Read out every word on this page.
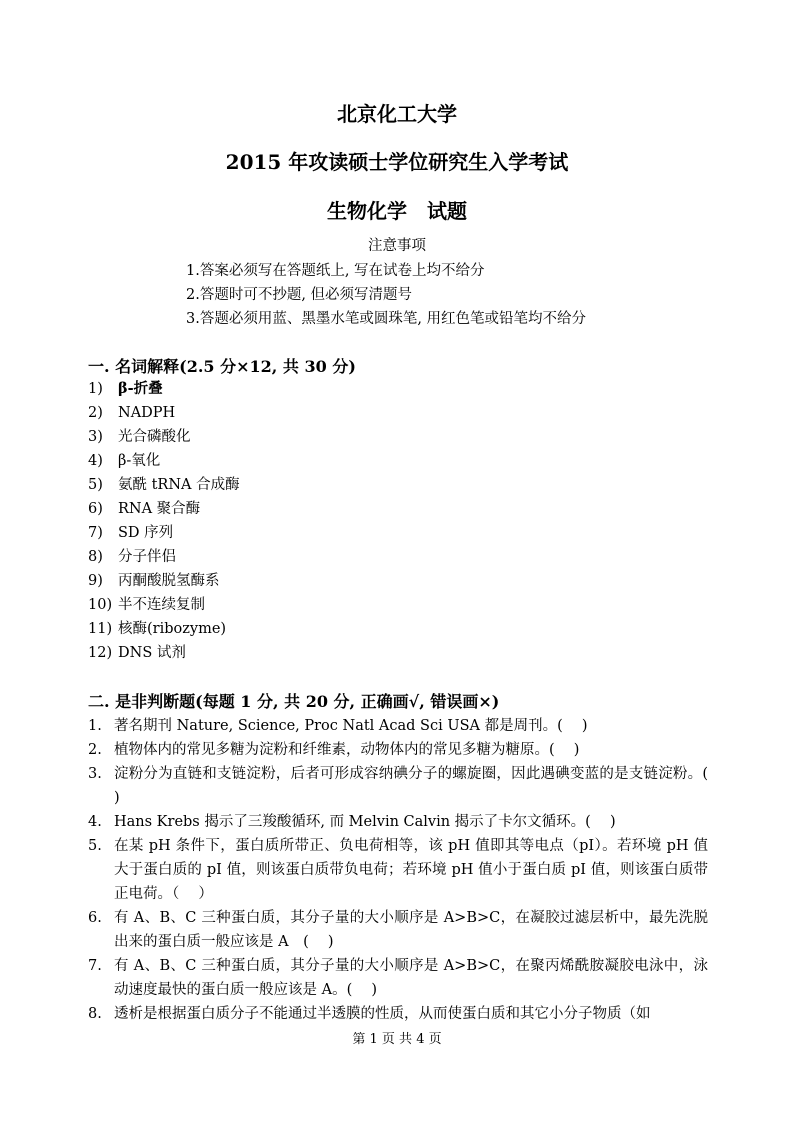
北京化工大学
2015 年攻读硕士学位研究生入学考试
生物化学　试题
注意事项
1.答案必须写在答题纸上, 写在试卷上均不给分
2.答题时可不抄题, 但必须写清题号
3.答题必须用蓝、黑墨水笔或圆珠笔, 用红色笔或铅笔均不给分
一. 名词解释(2.5 分×12, 共 30 分)
1) β-折叠
2) NADPH
3) 光合磷酸化
4) β-氧化
5) 氨酰 tRNA 合成酶
6) RNA 聚合酶
7) SD 序列
8) 分子伴侣
9) 丙酮酸脱氢酶系
10) 半不连续复制
11) 核酶(ribozyme)
12) DNS 试剂
二. 是非判断题(每题 1 分, 共 20 分, 正确画√, 错误画×)
1. 著名期刊 Nature, Science, Proc Natl Acad Sci USA 都是周刊。(　 )
2. 植物体内的常见多糖为淀粉和纤维素，动物体内的常见多糖为糖原。(　 )
3. 淀粉分为直链和支链淀粉，后者可形成容纳碘分子的螺旋圈，因此遇碘变蓝的是支链淀粉。(　 )
4. Hans Krebs 揭示了三羧酸循环, 而 Melvin Calvin 揭示了卡尔文循环。(　 )
5. 在某 pH 条件下，蛋白质所带正、负电荷相等，该 pH 值即其等电点（pI）。若环境 pH 值大于蛋白质的 pI 值，则该蛋白质带负电荷；若环境 pH 值小于蛋白质 pI 值，则该蛋白质带正电荷。（　 ）
6. 有 A、B、C 三种蛋白质，其分子量的大小顺序是 A>B>C，在凝胶过滤层析中，最先洗脱出来的蛋白质一般应该是 A　(　 )
7. 有 A、B、C 三种蛋白质，其分子量的大小顺序是 A>B>C，在聚丙烯酰胺凝胶电泳中，泳动速度最快的蛋白质一般应该是 A。(　 )
8. 透析是根据蛋白质分子不能通过半透膜的性质，从而使蛋白质和其它小分子物质（如
第 1 页 共 4 页
